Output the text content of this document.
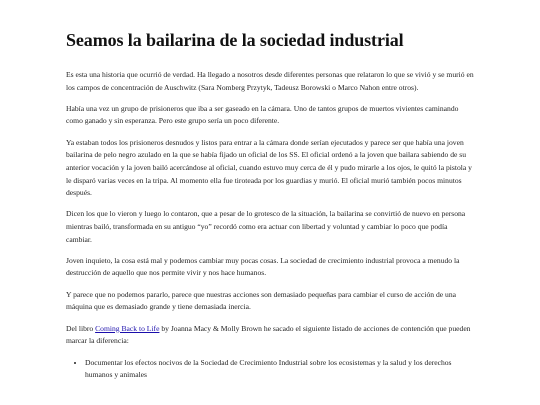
Seamos la bailarina de la sociedad industrial

Es esta una historia que ocurrió de verdad. Ha llegado a nosotros desde diferentes personas que relataron lo que se vivió y se murió en los campos de concentración de Auschwitz (Sara Nomberg Przytyk, Tadeusz Borowski o Marco Nahon entre otros).

Había una vez un grupo de prisioneros que iba a ser gaseado en la cámara. Uno de tantos grupos de muertos vivientes caminando como ganado y sin esperanza. Pero este grupo sería un poco diferente.

Ya estaban todos los prisioneros desnudos y listos para entrar a la cámara donde serían ejecutados y parece ser que había una joven bailarina de pelo negro azulado en la que se había fijado un oficial de los SS. El oficial ordenó a la joven que bailara sabiendo de su anterior vocación y la joven bailó acercándose al oficial, cuando estuvo muy cerca de él y pudo mirarle a los ojos, le quitó la pistola y le disparó varias veces en la tripa. Al momento ella fue tiroteada por los guardias y murió. El oficial murió también pocos minutos después.

Dicen los que lo vieron y luego lo contaron, que a pesar de lo grotesco de la situación, la bailarina se convirtió de nuevo en persona mientras bailó, transformada en su antiguo “yo” recordó como era actuar con libertad y voluntad y cambiar lo poco que podía cambiar.

Joven inquieto, la cosa está mal y podemos cambiar muy pocas cosas. La sociedad de crecimiento industrial provoca a menudo la destrucción de aquello que nos permite vivir y nos hace humanos.

Y parece que no podemos pararlo, parece que nuestras acciones son demasiado pequeñas para cambiar el curso de acción de una máquina que es demasiado grande y tiene demasiada inercia.

Del libro Coming Back to Life by Joanna Macy & Molly Brown he sacado el siguiente listado de acciones de contención que pueden marcar la diferencia:

• Documentar los efectos nocivos de la Sociedad de Crecimiento Industrial sobre los ecosistemas y la salud y los derechos humanos y animales
